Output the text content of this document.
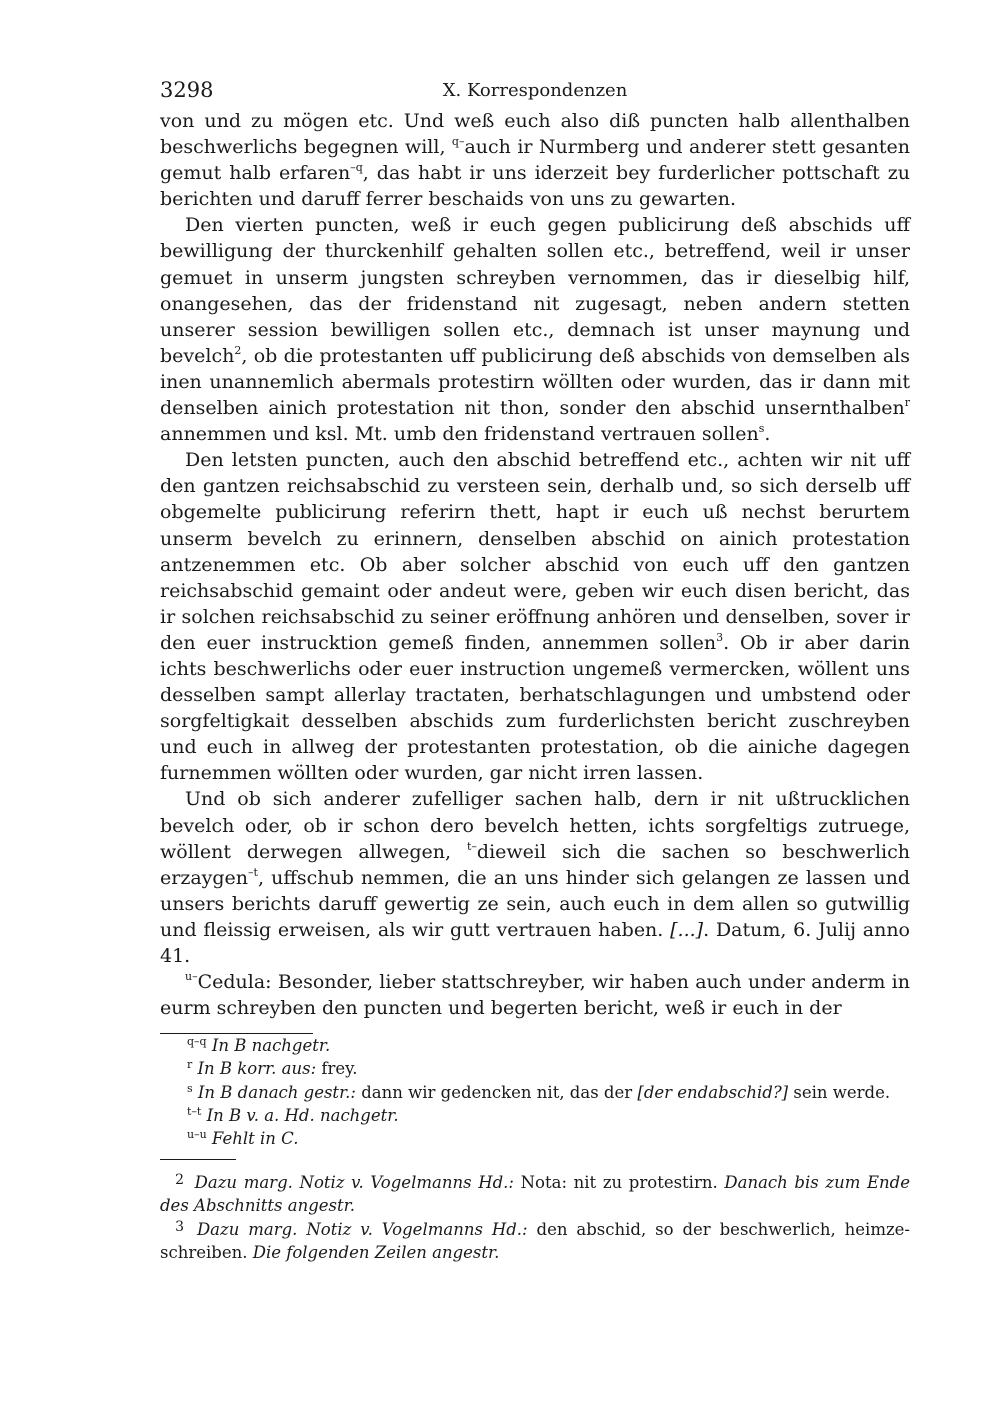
3298	X. Korrespondenzen

von und zu mögen etc. Und weß euch also diß puncten halb allenthalben beschwerlichs begegnen will, $^{q-}$auch ir Nurmberg und anderer stett gesanten gemut halb erfaren$^{-q}$, das habt ir uns iderzeit bey furderlicher pottschaft zu berichten und daruff ferrer beschaids von uns zu gewarten.

Den vierten puncten, weß ir euch gegen publicirung deß abschids uff bewilligung der thurckenhilf gehalten sollen etc., betreffend, weil ir unser gemuet in unserm jungsten schreyben vernommen, das ir dieselbig hilf, onangesehen, das der fridenstand nit zugesagt, neben andern stetten unserer session bewilligen sollen etc., demnach ist unser maynung und bevelch$^2$, ob die protestanten uff publicirung deß abschids von demselben als inen unannemlich abermals protestirn wöllten oder wurden, das ir dann mit denselben ainich protestation nit thon, sonder den abschid unsernthalben$^r$ annemmen und ksl. Mt. umb den fridenstand vertrauen sollen$^s$.

Den letsten puncten, auch den abschid betreffend etc., achten wir nit uff den gantzen reichsabschid zu versteen sein, derhalb und, so sich derselb uff obgemelte publicirung referirn thett, hapt ir euch uß nechst berurtem unserm bevelch zu erinnern, denselben abschid on ainich protestation antzenemmen etc. Ob aber solcher abschid von euch uff den gantzen reichsabschid gemaint oder andeut were, geben wir euch disen bericht, das ir solchen reichsabschid zu seiner eröffnung anhören und denselben, sover ir den euer instrucktion gemeß finden, annemmen sollen$^3$. Ob ir aber darin ichts beschwerlichs oder euer instruction ungemeß vermercken, wöllent uns desselben sampt allerlay tractaten, berhatschlagungen und umbstend oder sorgfeltigkait desselben abschids zum furderlichsten bericht zuschreyben und euch in allweg der protestanten protestation, ob die ainiche dagegen furnemmen wöllten oder wurden, gar nicht irren lassen.

Und ob sich anderer zufelliger sachen halb, dern ir nit ußtrucklichen bevelch oder, ob ir schon dero bevelch hetten, ichts sorgfeltigs zutruege, wöllent derwegen allwegen, $^{t-}$dieweil sich die sachen so beschwerlich erzaygen$^{-t}$, uffschub nemmen, die an uns hinder sich gelangen ze lassen und unsers berichts daruff gewertig ze sein, auch euch in dem allen so gutwillig und fleissig erweisen, als wir gutt vertrauen haben. [...]. Datum, 6. Julij anno 41.

$^{u-}$Cedula: Besonder, lieber stattschreyber, wir haben auch under anderm in eurm schreyben den puncten und begerten bericht, weß ir euch in der

$^{q-q}$ In B nachgetr.
$^r$ In B korr. aus: frey.
$^s$ In B danach gestr.: dann wir gedencken nit, das der [der endabschid?] sein werde.
$^{t-t}$ In B v. a. Hd. nachgetr.
$^{u-u}$ Fehlt in C.

$^2$ Dazu marg. Notiz v. Vogelmanns Hd.: Nota: nit zu protestirn. Danach bis zum Ende des Abschnitts angestr.

$^3$ Dazu marg. Notiz v. Vogelmanns Hd.: den abschid, so der beschwerlich, heimzeschreiben. Die folgenden Zeilen angestr.
